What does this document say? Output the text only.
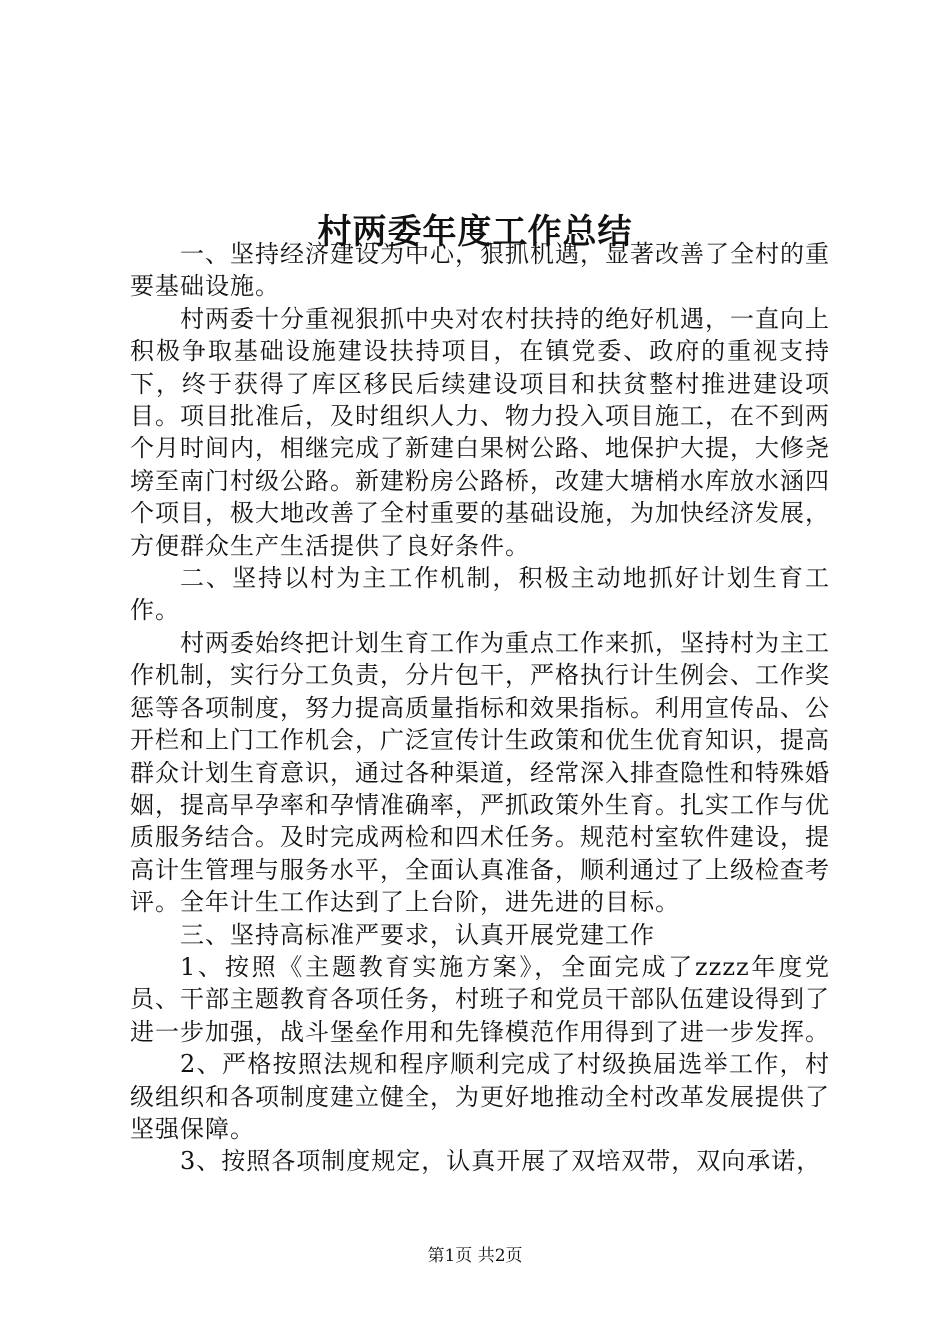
村两委年度工作总结

一、坚持经济建设为中心，狠抓机遇，显著改善了全村的重要基础设施。

村两委十分重视狠抓中央对农村扶持的绝好机遇，一直向上积极争取基础设施建设扶持项目，在镇党委、政府的重视支持下，终于获得了库区移民后续建设项目和扶贫整村推进建设项目。项目批准后，及时组织人力、物力投入项目施工，在不到两个月时间内，相继完成了新建白果树公路、地保护大提，大修尧塝至南门村级公路。新建粉房公路桥，改建大塘梢水库放水涵四个项目，极大地改善了全村重要的基础设施，为加快经济发展，方便群众生产生活提供了良好条件。

二、坚持以村为主工作机制，积极主动地抓好计划生育工作。

村两委始终把计划生育工作为重点工作来抓，坚持村为主工作机制，实行分工负责，分片包干，严格执行计生例会、工作奖惩等各项制度，努力提高质量指标和效果指标。利用宣传品、公开栏和上门工作机会，广泛宣传计生政策和优生优育知识，提高群众计划生育意识，通过各种渠道，经常深入排查隐性和特殊婚姻，提高早孕率和孕情准确率，严抓政策外生育。扎实工作与优质服务结合。及时完成两检和四术任务。规范村室软件建设，提高计生管理与服务水平，全面认真准备，顺利通过了上级检查考评。全年计生工作达到了上台阶，进先进的目标。

三、坚持高标准严要求，认真开展党建工作

1、按照《主题教育实施方案》，全面完成了zzzz年度党员、干部主题教育各项任务，村班子和党员干部队伍建设得到了进一步加强，战斗堡垒作用和先锋模范作用得到了进一步发挥。

2、严格按照法规和程序顺利完成了村级换届选举工作，村级组织和各项制度建立健全，为更好地推动全村改革发展提供了坚强保障。

3、按照各项制度规定，认真开展了双培双带，双向承诺，

第1页 共2页
